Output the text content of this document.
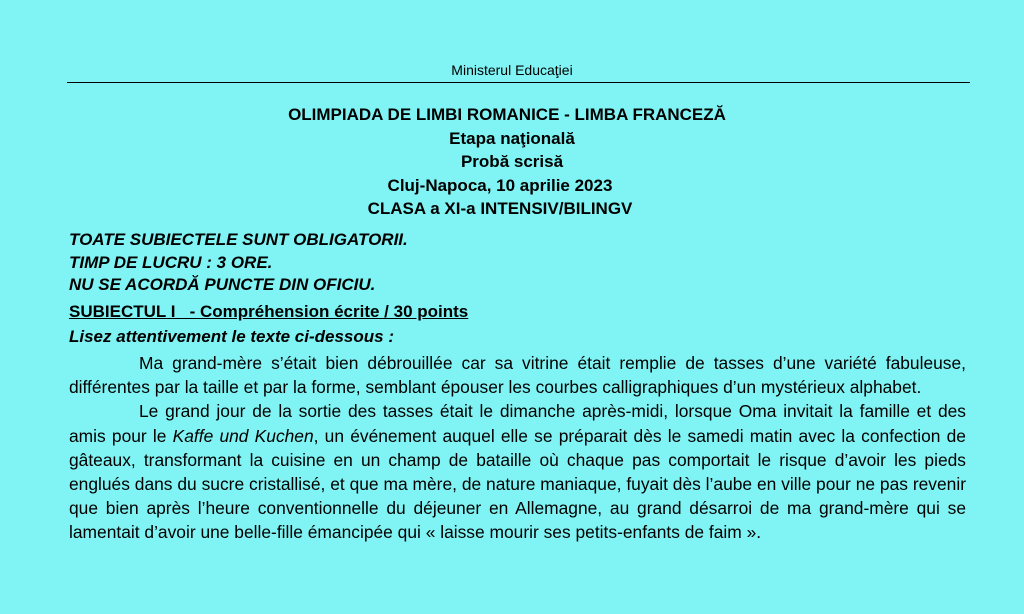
Ministerul Educaţiei
OLIMPIADA DE LIMBI ROMANICE - LIMBA FRANCEZĂ
Etapa naţională
Probă scrisă
Cluj-Napoca, 10 aprilie 2023
CLASA a XI-a INTENSIV/BILINGV
TOATE SUBIECTELE SUNT OBLIGATORII.
TIMP DE LUCRU : 3 ORE.
NU SE ACORDĂ PUNCTE DIN OFICIU.
SUBIECTUL I   - Compréhension écrite / 30 points
Lisez attentivement le texte ci-dessous :

Ma grand-mère s’était bien débrouillée car sa vitrine était remplie de tasses d’une variété fabuleuse, différentes par la taille et par la forme, semblant épouser les courbes calligraphiques d’un mystérieux alphabet.

Le grand jour de la sortie des tasses était le dimanche après-midi, lorsque Oma invitait la famille et des amis pour le Kaffe und Kuchen, un événement auquel elle se préparait dès le samedi matin avec la confection de gâteaux, transformant la cuisine en un champ de bataille où chaque pas comportait le risque d’avoir les pieds englués dans du sucre cristallisé, et que ma mère, de nature maniaque, fuyait dès l’aube en ville pour ne pas revenir que bien après l’heure conventionnelle du déjeuner en Allemagne, au grand désarroi de ma grand-mère qui se lamentait d’avoir une belle-fille émancipée qui « laisse mourir ses petits-enfants de faim ».
